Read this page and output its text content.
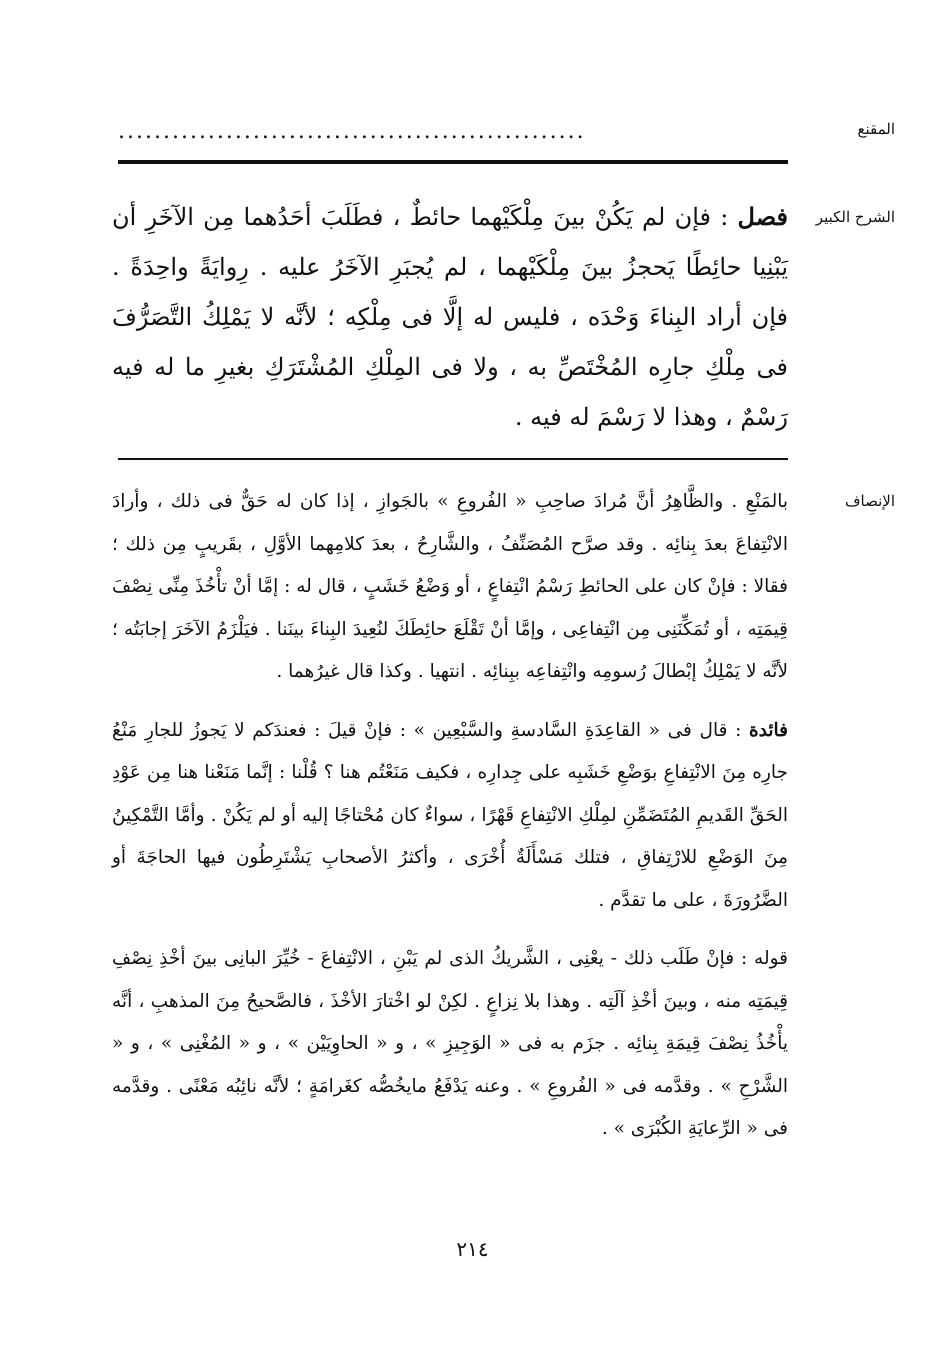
المقنع
....................................................
الشرح الكبير

فصل : فإن لم يَكُنْ بينَ مِلْكَيْهما حائطٌ ، فطَلَبَ أحَدُهما مِن الآخَرِ أن يَبْنِيا حائِطًا يَحجزُ بينَ مِلْكَيْهما ، لم يُجبَرِ الآخَرُ عليه . رِوايَةً واحِدَةً . فإن أراد البِناءَ وَحْدَه ، فليس له إلَّا فى مِلْكِه ؛ لأنَّه لا يَمْلِكُ التَّصَرُّفَ فى مِلْكِ جارِه المُخْتَصِّ به ، ولا فى المِلْكِ المُشْتَرَكِ بغيرِ ما له فيه رَسْمٌ ، وهذا لا رَسْمَ له فيه .

الإنصاف

بالمَنْعِ . والظَّاهِرُ أنَّ مُرادَ صاحِبِ « الفُروعِ » بالجَوازِ ، إذا كان له حَقٌّ فى ذلك ، وأرادَ الانْتِفاعَ بعدَ بِنائِه . وقد صرَّح المُصَنِّفُ ، والشَّارِحُ ، بعدَ كلامِهما الأوَّلِ ، بقَريبٍ مِن ذلك ؛ فقالا : فإنْ كان على الحائطِ رَسْمُ انْتِفاعٍ ، أو وَضْعُ خَشَبٍ ، قال له : إمَّا أنْ تأْخُذَ مِنِّى نِصْفَ قِيمَتِه ، أو تُمَكِّنَنِى مِن انْتِفاعِى ، وإمَّا أنْ تَقْلَعَ حائِطَكَ لنُعِيدَ البِناءَ بينَنا . فيَلْزَمُ الآخَرَ إجابَتُه ؛ لأنَّه لا يَمْلِكُ إبْطالَ رُسومِه وانْتِفاعِه ببِنائِه . انتهيا . وكذا قال غيرُهما .

فائدة : قال فى « القاعِدَةِ السَّادسةِ والسَّبْعِين » : فإنْ قيلَ : فعندَكم لا يَجوزُ للجارِ مَنْعُ جارِه مِنَ الانْتِفاعِ بوَضْعِ خَشَبِه على جِدارِه ، فكيف مَنَعْتُم هنا ؟ قُلْنا : إنَّما مَنَعْنا هنا مِن عَوْدِ الحَقِّ القَديمِ المُتَضَمِّنِ لمِلْكِ الانْتِفاعِ قَهْرًا ، سواءٌ كان مُحْتاجًا إليه أو لم يَكُنْ . وأمَّا التَّمْكِينُ مِنَ الوَضْعِ للارْتِفاقِ ، فتلك مَسْأَلَةٌ أُخْرَى ، وأكثرُ الأصحابِ يَشْتَرِطُون فيها الحاجَةَ أو الضَّرُورَةَ ، على ما تقدَّم .

قوله : فإنْ طَلَب ذلك - يعْنِى ، الشَّريكُ الذى لم يَبْنِ ، الانْتِفاعَ - خُيِّرَ البانِى بينَ أخْذِ نِصْفِ قِيمَتِه منه ، وبينَ أخْذِ آلَتِه . وهذا بلا نِزاعٍ . لكِنْ لو اخْتارَ الأخْذَ ، فالصَّحيحُ مِنَ المذهبِ ، أنَّه يأْخُذُ نِصْفَ قِيمَةِ بِنائِه . جزَم به فى « الوَجِيزِ » ، و « الحاوِيَيْن » ، و « المُغْنِى » ، و « الشَّرْحِ » . وقدَّمه فى « الفُروعِ » . وعنه يَدْفَعُ مايخُصُّه كغَرامَةٍ ؛ لأنَّه نائِبُه مَعْنًى . وقدَّمه فى « الرِّعايَةِ الكُبْرَى » .

٢١٤
